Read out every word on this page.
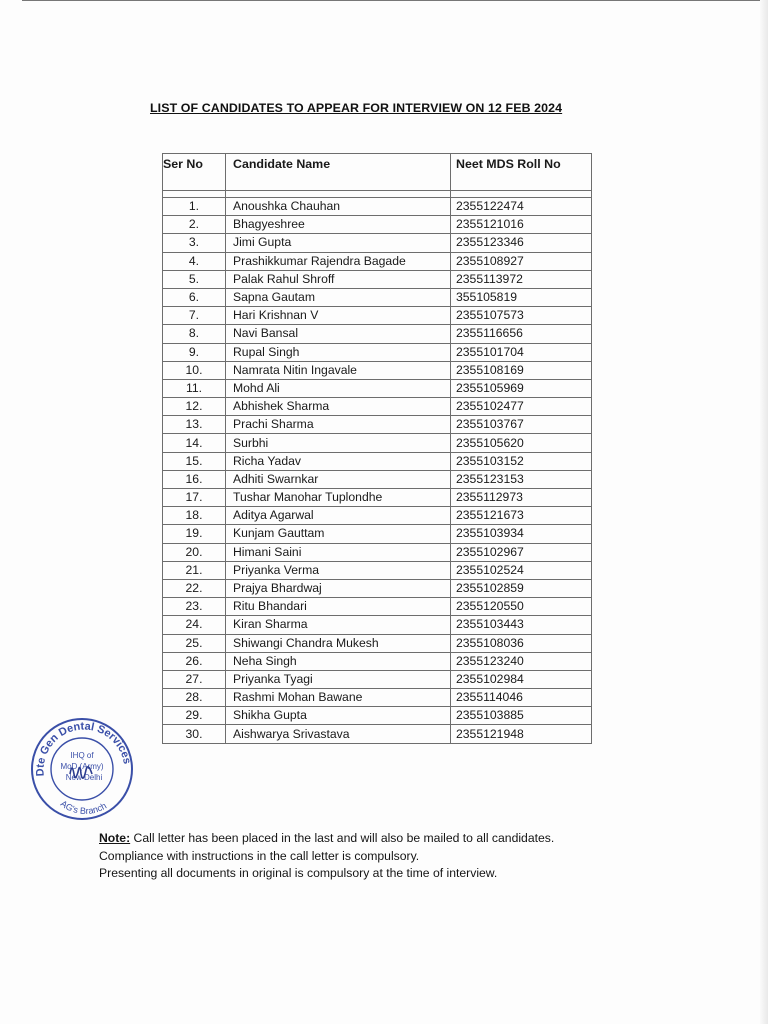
LIST OF CANDIDATES TO APPEAR FOR INTERVIEW ON 12 FEB 2024
Ser No	Candidate Name	Neet MDS Roll No

1.	Anoushka Chauhan	2355122474
2.	Bhagyeshree	2355121016
3.	Jimi Gupta	2355123346
4.	Prashikkumar Rajendra Bagade	2355108927
5.	Palak Rahul Shroff	2355113972
6.	Sapna Gautam	355105819
7.	Hari Krishnan V	2355107573
8.	Navi Bansal	2355116656
9.	Rupal Singh	2355101704
10.	Namrata Nitin Ingavale	2355108169
11.	Mohd Ali	2355105969
12.	Abhishek Sharma	2355102477
13.	Prachi Sharma	2355103767
14.	Surbhi	2355105620
15.	Richa Yadav	2355103152
16.	Adhiti Swarnkar	2355123153
17.	Tushar Manohar Tuplondhe	2355112973
18.	Aditya Agarwal	2355121673
19.	Kunjam Gauttam	2355103934
20.	Himani Saini	2355102967
21.	Priyanka Verma	2355102524
22.	Prajya Bhardwaj	2355102859
23.	Ritu Bhandari	2355120550
24.	Kiran Sharma	2355103443
25.	Shiwangi Chandra Mukesh	2355108036
26.	Neha Singh	2355123240
27.	Priyanka Tyagi	2355102984
28.	Rashmi Mohan Bawane	2355114046
29.	Shikha Gupta	2355103885
30.	Aishwarya Srivastava	2355121948
Dte Gen Dental Services
IHQ of
MoD (Army)
New Delhi
AG's Branch

Note: Call letter has been placed in the last and will also be mailed to all candidates.

Compliance with instructions in the call letter is compulsory.

Presenting all documents in original is compulsory at the time of interview.
